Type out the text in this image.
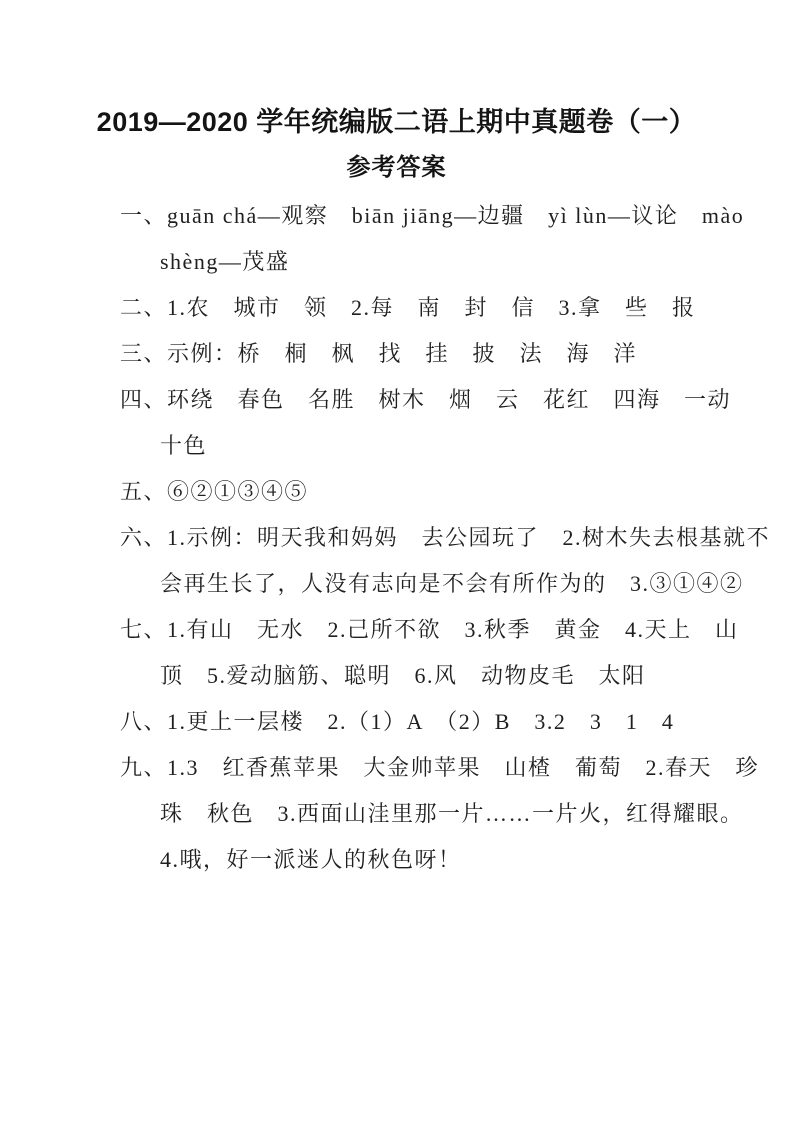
2019—2020 学年统编版二语上期中真题卷（一）
参考答案
一、guān chá—观察　biān jiāng—边疆　yì lùn—议论　mào
shèng—茂盛
二、1.农　城市　领　2.每　南　封　信　3.拿　些　报
三、示例：桥　桐　枫　找　挂　披　法　海　洋
四、环绕　春色　名胜　树木　烟　云　花红　四海　一动
十色
五、⑥②①③④⑤
六、1.示例：明天我和妈妈　去公园玩了　2.树木失去根基就不
会再生长了，人没有志向是不会有所作为的　3.③①④②
七、1.有山　无水　2.己所不欲　3.秋季　黄金　4.天上　山
顶　5.爱动脑筋、聪明　6.风　动物皮毛　太阳
八、1.更上一层楼　2.（1）A　（2）B　3.2　3　1　4
九、1.3　红香蕉苹果　大金帅苹果　山楂　葡萄　2.春天　珍
珠　秋色　3.西面山洼里那一片……一片火，红得耀眼。
4.哦，好一派迷人的秋色呀！
